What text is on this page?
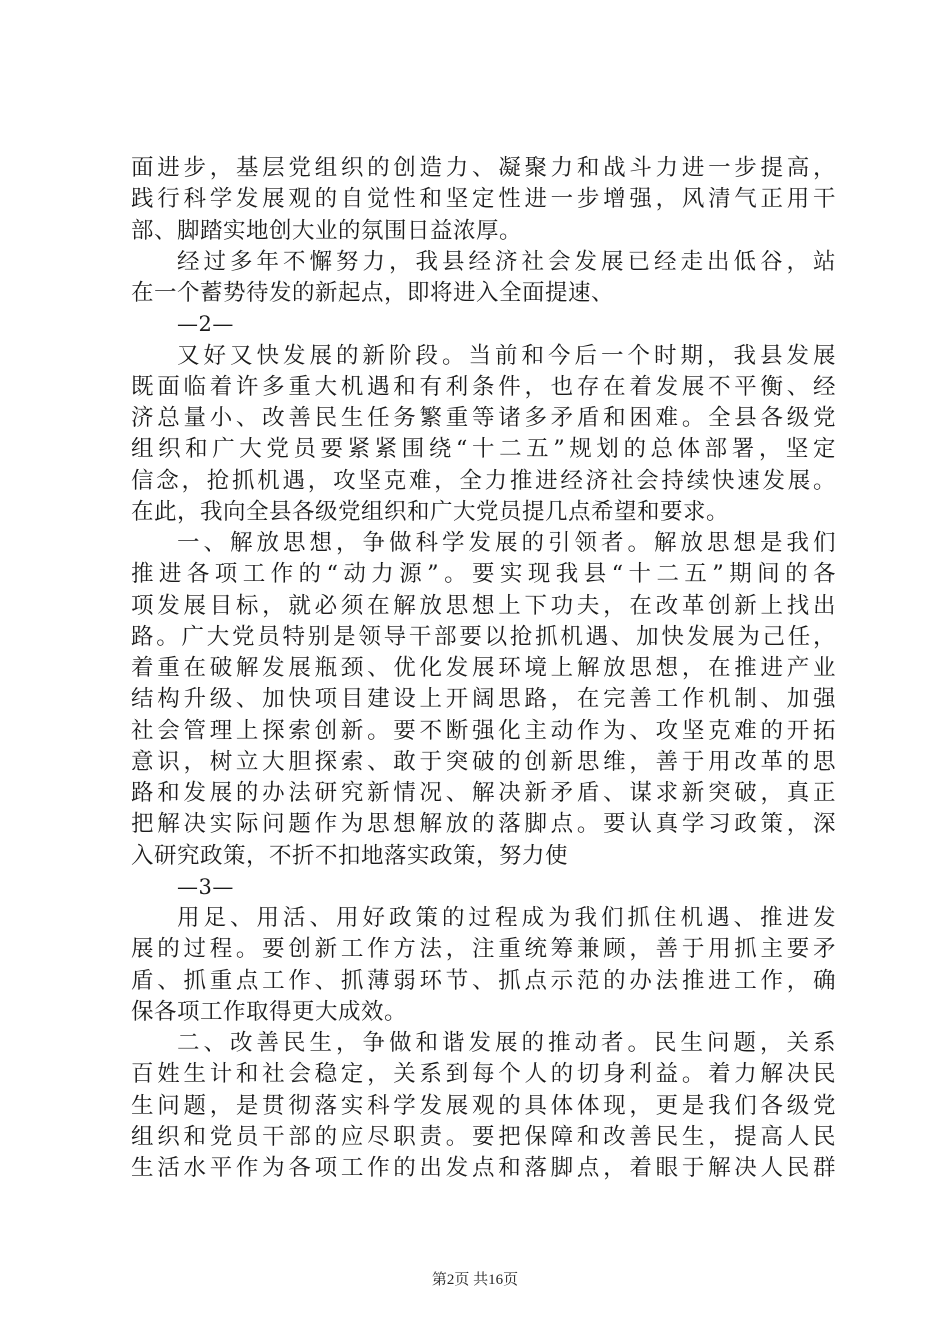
面进步，基层党组织的创造力、凝聚力和战斗力进一步提高，
践行科学发展观的自觉性和坚定性进一步增强，风清气正用干
部、脚踏实地创大业的氛围日益浓厚。
经过多年不懈努力，我县经济社会发展已经走出低谷，站
在一个蓄势待发的新起点，即将进入全面提速、
—2—
又好又快发展的新阶段。当前和今后一个时期，我县发展
既面临着许多重大机遇和有利条件，也存在着发展不平衡、经
济总量小、改善民生任务繁重等诸多矛盾和困难。全县各级党
组织和广大党员要紧紧围绕“十二五”规划的总体部署，坚定
信念，抢抓机遇，攻坚克难，全力推进经济社会持续快速发展。
在此，我向全县各级党组织和广大党员提几点希望和要求。
一、解放思想，争做科学发展的引领者。解放思想是我们
推进各项工作的“动力源”。要实现我县“十二五”期间的各
项发展目标，就必须在解放思想上下功夫，在改革创新上找出
路。广大党员特别是领导干部要以抢抓机遇、加快发展为己任，
着重在破解发展瓶颈、优化发展环境上解放思想，在推进产业
结构升级、加快项目建设上开阔思路，在完善工作机制、加强
社会管理上探索创新。要不断强化主动作为、攻坚克难的开拓
意识，树立大胆探索、敢于突破的创新思维，善于用改革的思
路和发展的办法研究新情况、解决新矛盾、谋求新突破，真正
把解决实际问题作为思想解放的落脚点。要认真学习政策，深
入研究政策，不折不扣地落实政策，努力使
—3—
用足、用活、用好政策的过程成为我们抓住机遇、推进发
展的过程。要创新工作方法，注重统筹兼顾，善于用抓主要矛
盾、抓重点工作、抓薄弱环节、抓点示范的办法推进工作，确
保各项工作取得更大成效。
二、改善民生，争做和谐发展的推动者。民生问题，关系
百姓生计和社会稳定，关系到每个人的切身利益。着力解决民
生问题，是贯彻落实科学发展观的具体体现，更是我们各级党
组织和党员干部的应尽职责。要把保障和改善民生，提高人民
生活水平作为各项工作的出发点和落脚点，着眼于解决人民群
第2页 共16页
